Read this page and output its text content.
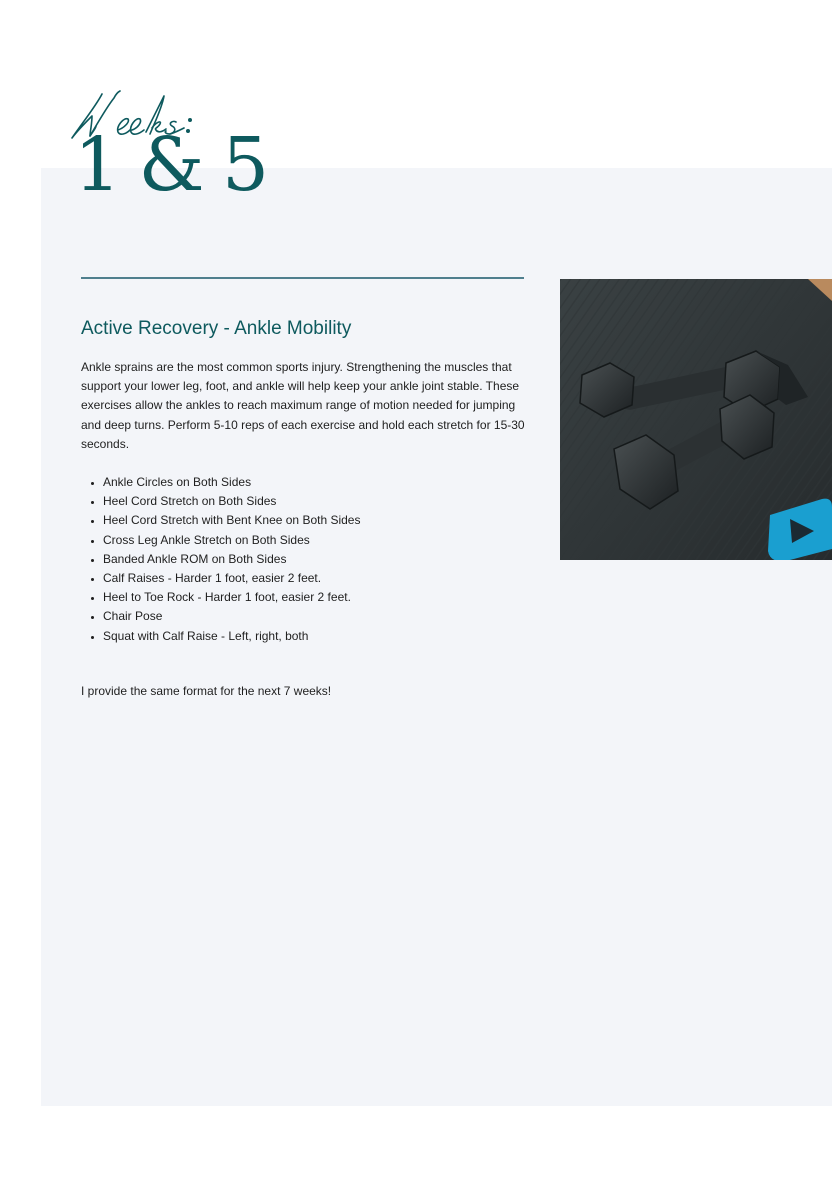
1 & 5
Active Recovery - Ankle Mobility

Ankle sprains are the most common sports injury. Strengthening the muscles that support your lower leg, foot, and ankle will help keep your ankle joint stable. These exercises allow the ankles to reach maximum range of motion needed for jumping and deep turns. Perform 5-10 reps of each exercise and hold each stretch for 15-30 seconds.

• Ankle Circles on Both Sides
• Heel Cord Stretch on Both Sides
• Heel Cord Stretch with Bent Knee on Both Sides
• Cross Leg Ankle Stretch on Both Sides
• Banded Ankle ROM on Both Sides
• Calf Raises - Harder 1 foot, easier 2 feet.
• Heel to Toe Rock - Harder 1 foot, easier 2 feet.
• Chair Pose
• Squat with Calf Raise - Left, right, both

I provide the same format for the next 7 weeks!
